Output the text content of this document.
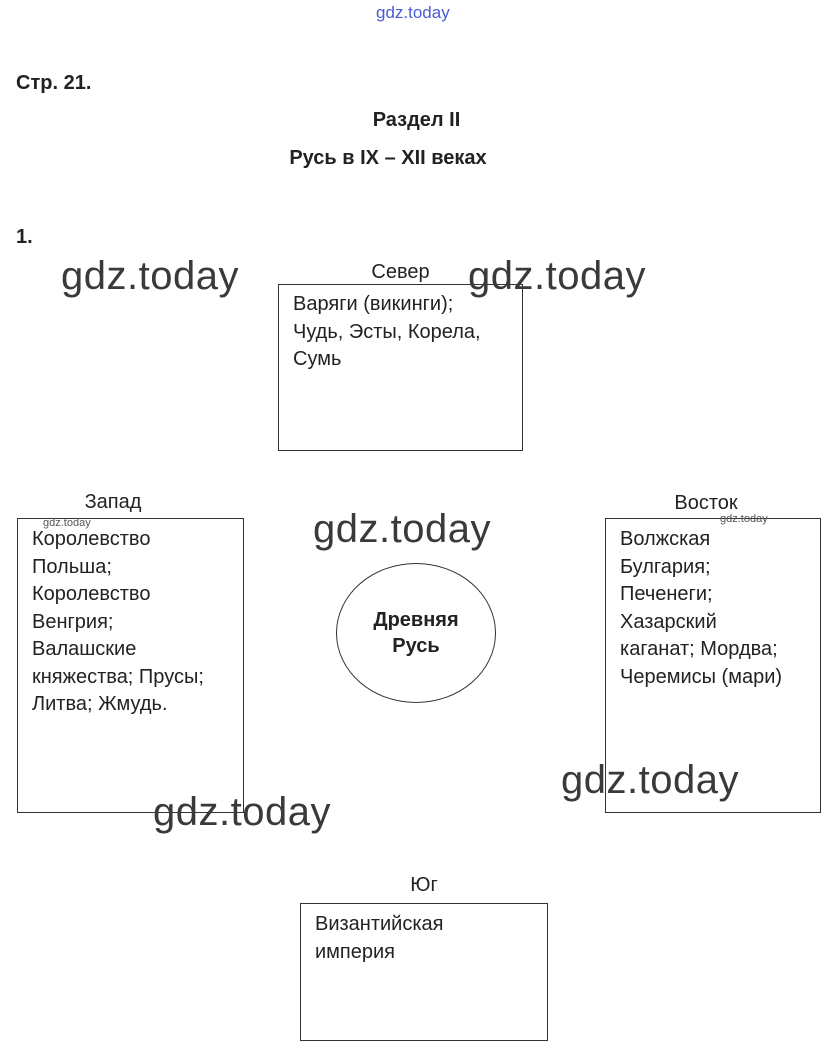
gdz.today
Стр. 21.
Раздел II
Русь в IX – XII веках
1.
Север
Варяги (викинги);
Чудь, Эсты, Корела,
Сумь
Запад
Королевство
Польша;
Королевство
Венгрия;
Валашские
княжества; Прусы;
Литва; Жмудь.
gdz.today
Восток
Волжская
Булгария;
Печенеги;
Хазарский
каганат; Мордва;
Черемисы (мари)
gdz.today
Древняя
Русь
Юг
Византийская
империя
gdz.today	gdz.today
gdz.today
gdz.today
gdz.today
